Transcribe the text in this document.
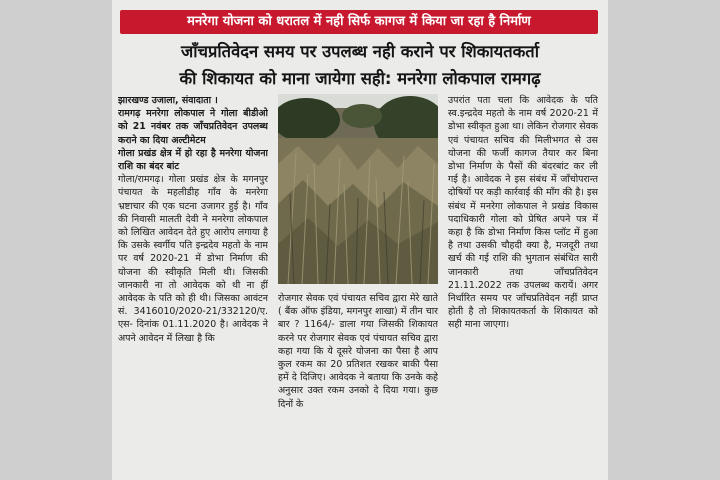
मनरेगा योजना को धरातल में नही सिर्फ कागज में किया जा रहा है निर्माण
जाँचप्रतिवेदन समय पर उपलब्ध नही कराने पर शिकायतकर्ता
की शिकायत को माना जायेगा सही: मनरेगा लोकपाल रामगढ़
झारखण्ड उजाला, संवादाता ।
रामगढ़ मनरेगा लोकपाल ने गोला बीडीओ को 21 नवंबर तक जाँचप्रतिवेदन उपलब्ध कराने का दिया अल्टीमेटम
गोला प्रखंड क्षेत्र में हो रहा है मनरेगा योजना राशि का बंदर बांट

गोला/रामगढ़। गोला प्रखंड क्षेत्र के मगनपुर पंचायत के महलीडीह गाँव के मनरेगा भ्रष्टाचार की एक घटना उजागर हुई है। गाँव की निवासी मालती देवी ने मनरेगा लोकपाल को लिखित आवेदन देते हुए आरोप लगाया है कि उसके स्वर्गीय पति इन्द्रदेव महतो के नाम पर वर्ष 2020-21 में डोभा निर्माण की योजना की स्वीकृति मिली थी। जिसकी जानकारी ना तो आवेदक को थी ना हीं आवेदक के पति को ही थी। जिसका आवंटन सं. 3416010/2020-21/332120/ए. एस- दिनांक 01.11.2020 है। आवेदक ने अपने आवेदन में लिखा है कि

रोजगार सेवक एवं पंचायत सचिव द्वारा मेरे खाते ( बैंक ऑफ इंडिया, मगनपुर शाखा) में तीन चार बार ? 1164/- डाला गया जिसकी शिकायत करने पर रोजगार सेवक एवं पंचायत सचिव द्वारा कहा गया कि ये दूसरे योजना का पैसा है आप कुल रकम का 20 प्रतिशत रखकर बाकी पैसा हमें दे दिजिए। आवेदक ने बताया कि उनके कहे अनुसार उक्त रकम उनको दे दिया गया। कुछ दिनों के

उपरांत पता चला कि आवेदक के पति स्व.इन्द्रदेव महतो के नाम वर्ष 2020-21 में डोभा स्वीकृत हुआ था। लेकिन रोजगार सेवक एवं पंचायत सचिव की मिलीभगत से उस योजना की फर्जी कागज तैयार कर बिना डोभा निर्माण के पैसों की बंदरबांट कर ली गई है। आवेदक ने इस संबंध में जाँचोपरान्त दोषियों पर कड़ी कार्रवाई की माँग की है। इस संबंध में मनरेगा लोकपाल ने प्रखंड विकास पदाधिकारी गोला को प्रेषित अपने पत्र में कहा है कि डोभा निर्माण किस प्लॉट में हुआ है तथा उसकी चौहदी क्या है, मजदूरी तथा खर्च की गई राशि की भुगतान संबंधित सारी जानकारी तथा जाँचप्रतिवेदन 21.11.2022 तक उपलब्ध करायें। अगर निर्धारित समय पर जाँचप्रतिवेदन नहीं प्राप्त होती है तो शिकायतकर्ता के शिकायत को सही माना जाएगा।
